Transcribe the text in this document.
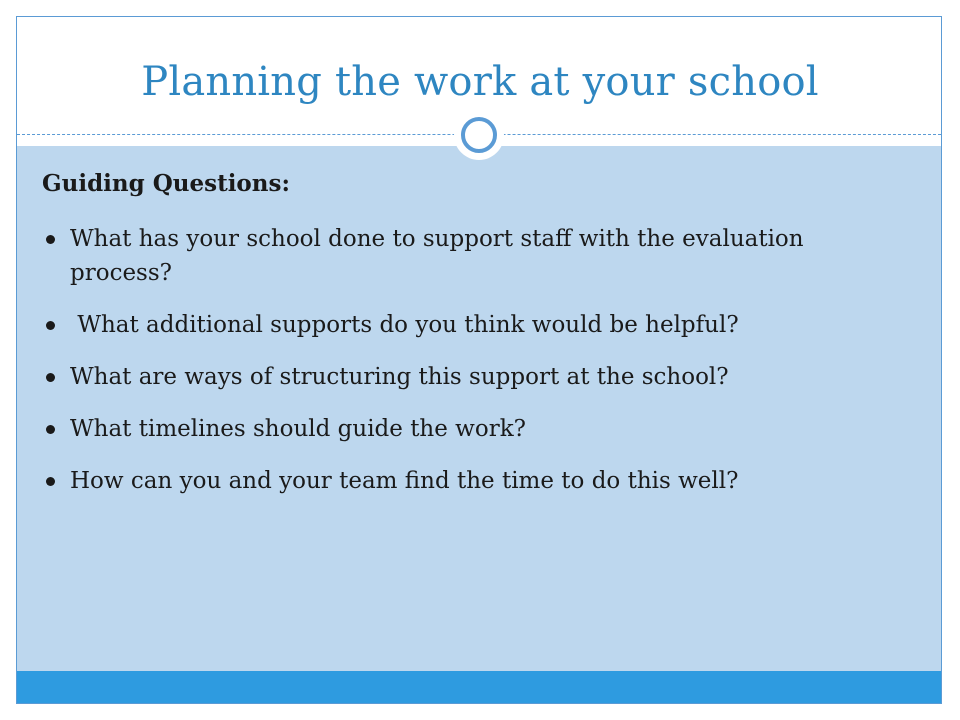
Planning the work at your school
Guiding Questions:
What has your school done to support staff with the evaluation process?
What additional supports do you think would be helpful?
What are ways of structuring this support at the school?
What timelines should guide the work?
How can you and your team find the time to do this well?
